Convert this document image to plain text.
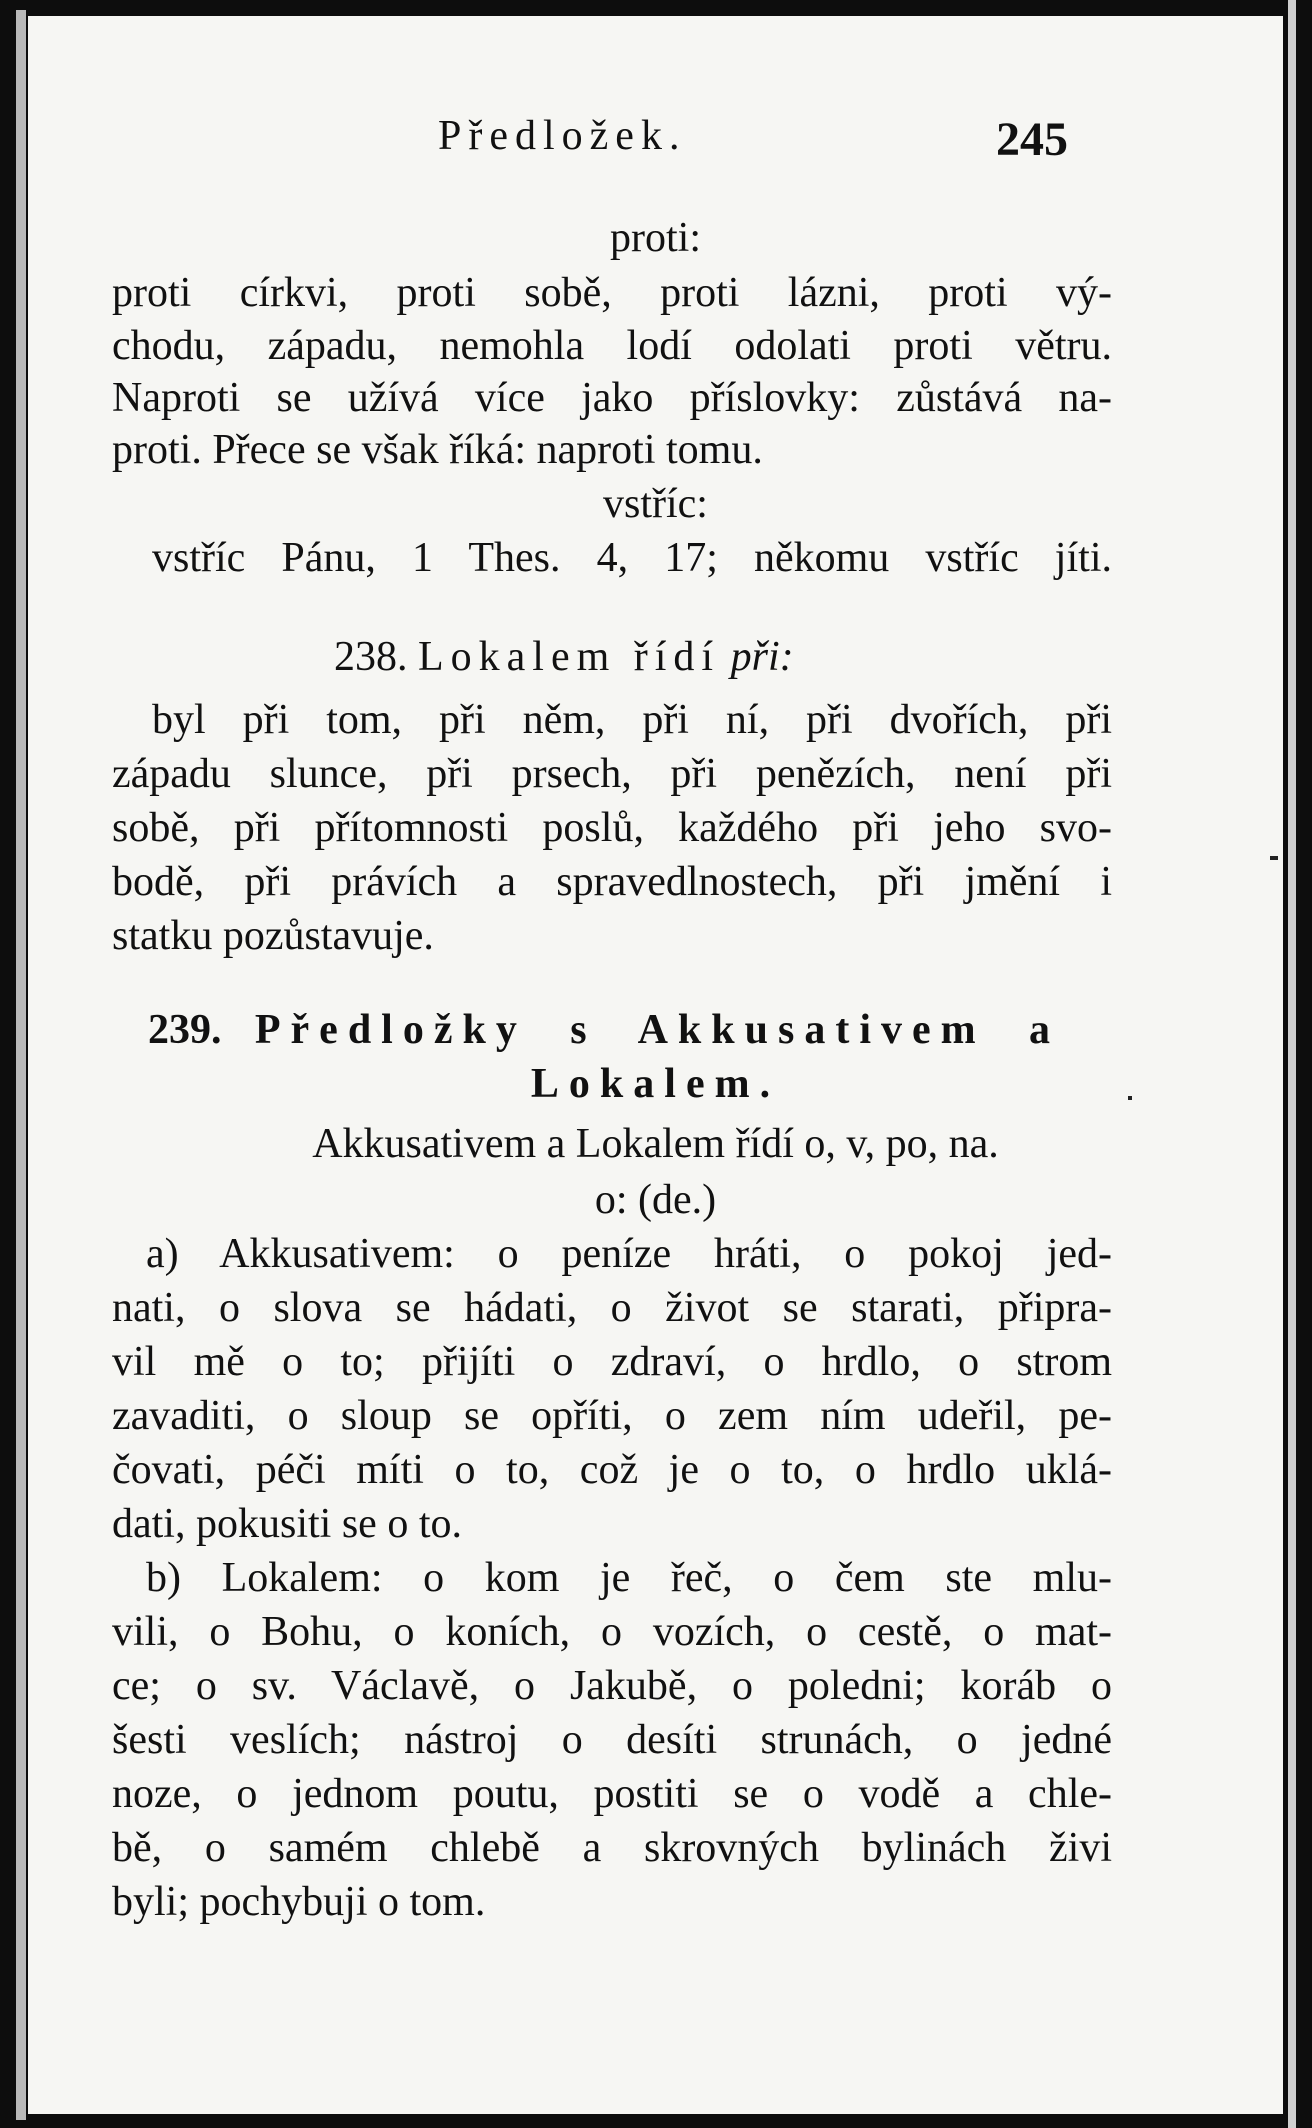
Předložek.	245
proti:
proti církvi, proti sobě, proti lázni, proti vý-
chodu, západu, nemohla lodí odolati proti větru.
Naproti se užívá více jako příslovky: zůstává na-
proti. Přece se však říká: naproti tomu.
vstříc:
vstříc Pánu, 1 Thes. 4, 17; někomu vstříc jíti.
238. Lokalem řídí při:
byl při tom, při něm, při ní, při dvořích, při
západu slunce, při prsech, při penězích, není při
sobě, při přítomnosti poslů, každého při jeho svo-
bodě, při právích a spravedlnostech, při jmění i
statku pozůstavuje.
239. Předložky s Akkusativem a
Lokalem.
Akkusativem a Lokalem řídí o, v, po, na.
o: (de.)
a) Akkusativem: o peníze hráti, o pokoj jed-
nati, o slova se hádati, o život se starati, připra-
vil mě o to; přijíti o zdraví, o hrdlo, o strom
zavaditi, o sloup se opříti, o zem ním udeřil, pe-
čovati, péči míti o to, což je o to, o hrdlo uklá-
dati, pokusiti se o to.
b) Lokalem: o kom je řeč, o čem ste mlu-
vili, o Bohu, o koních, o vozích, o cestě, o mat-
ce; o sv. Václavě, o Jakubě, o poledni; koráb o
šesti veslích; nástroj o desíti strunách, o jedné
noze, o jednom poutu, postiti se o vodě a chle-
bě, o samém chlebě a skrovných bylinách živi
byli; pochybuji o tom.
